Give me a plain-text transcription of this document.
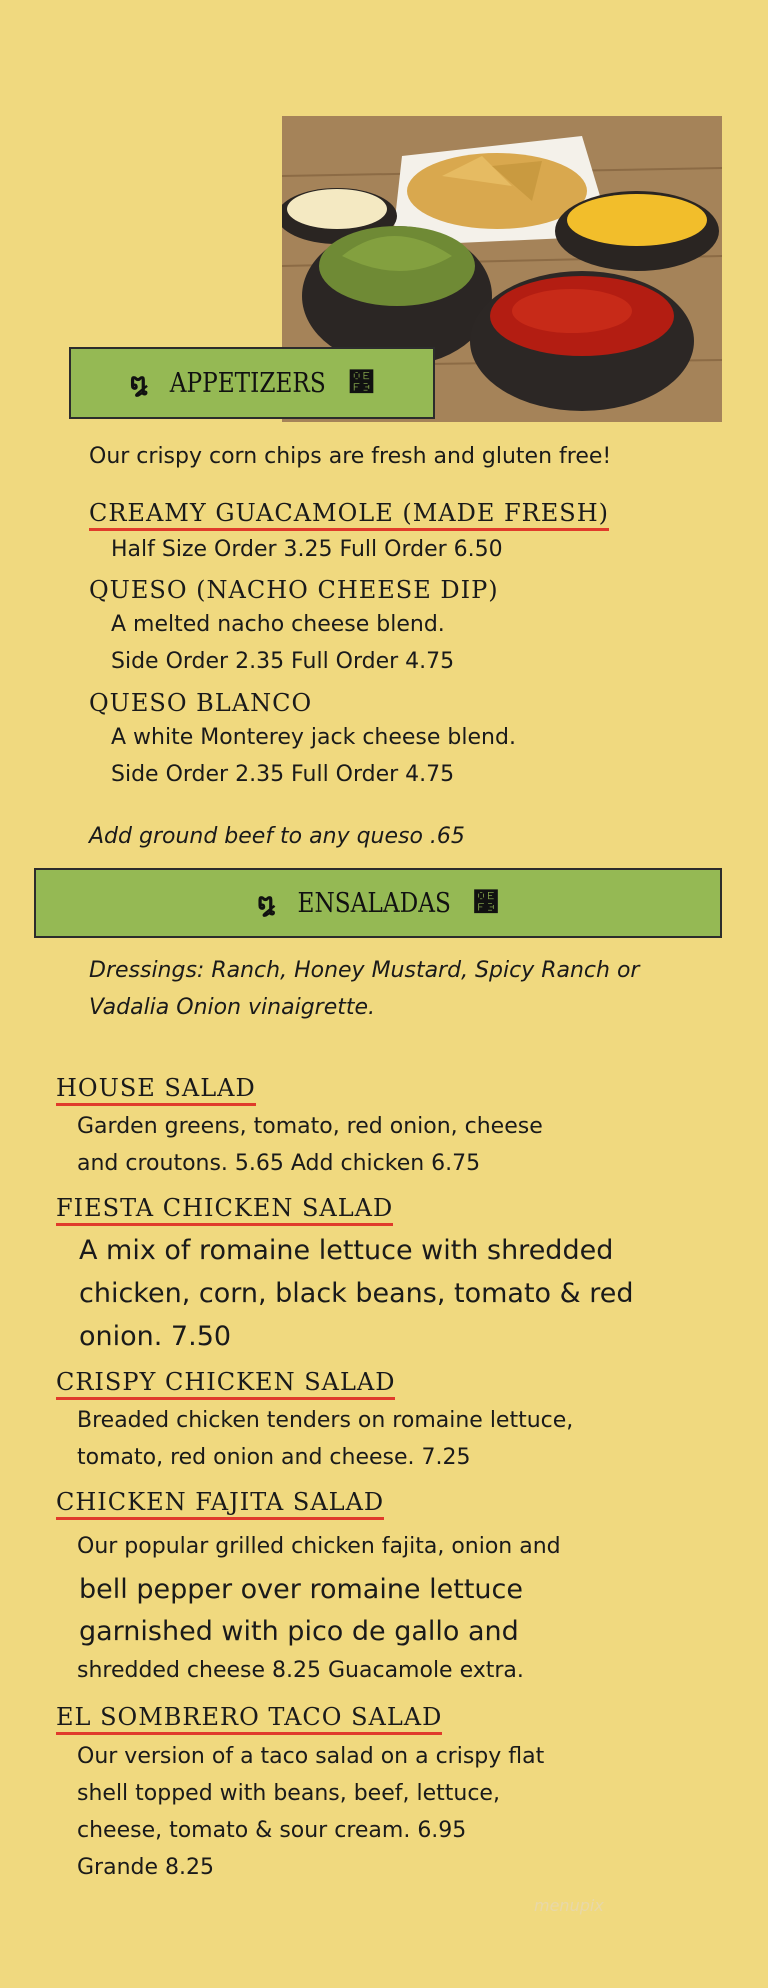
໘ APPETIZERS ໳
Our crispy corn chips are fresh and gluten free!
CREAMY GUACAMOLE (MADE FRESH)
Half Size Order 3.25 Full Order 6.50
QUESO (NACHO CHEESE DIP)
A melted nacho cheese blend.
Side Order 2.35 Full Order 4.75
QUESO BLANCO
A white Monterey jack cheese blend.
Side Order 2.35 Full Order 4.75
Add ground beef to any queso .65
໘ ENSALADAS ໳
Dressings: Ranch, Honey Mustard, Spicy Ranch or
Vadalia Onion vinaigrette.
HOUSE SALAD
Garden greens, tomato, red onion, cheese
and croutons. 5.65 Add chicken 6.75
FIESTA CHICKEN SALAD
A mix of romaine lettuce with shredded
chicken, corn, black beans, tomato & red
onion. 7.50
CRISPY CHICKEN SALAD
Breaded chicken tenders on romaine lettuce,
tomato, red onion and cheese. 7.25
CHICKEN FAJITA SALAD
Our popular grilled chicken fajita, onion and
bell pepper over romaine lettuce
garnished with pico de gallo and
shredded cheese 8.25 Guacamole extra.
EL SOMBRERO TACO SALAD
Our version of a taco salad on a crispy flat
shell topped with beans, beef, lettuce,
cheese, tomato & sour cream. 6.95
Grande 8.25
menupix
